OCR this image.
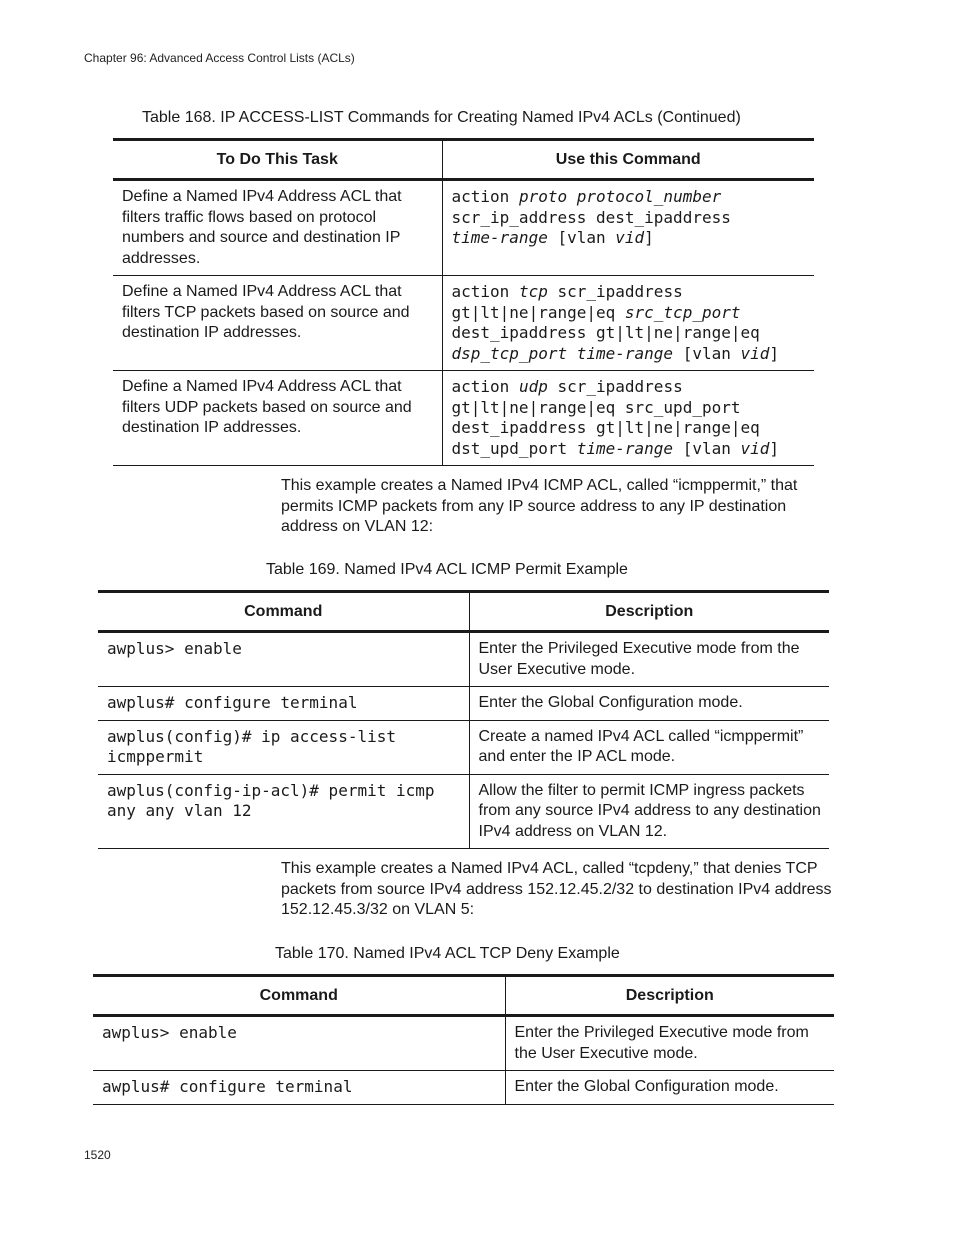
Chapter 96: Advanced Access Control Lists (ACLs)
Table 168. IP ACCESS-LIST Commands for Creating Named IPv4 ACLs (Continued)
To Do This Task	Use this Command
Define a Named IPv4 Address ACL that filters traffic flows based on protocol numbers and source and destination IP addresses.	action proto protocol_number
scr_ip_address dest_ipaddress
time-range [vlan vid]

Define a Named IPv4 Address ACL that filters TCP packets based on source and destination IP addresses.	action tcp scr_ipaddress
gt|lt|ne|range|eq src_tcp_port
dest_ipaddress gt|lt|ne|range|eq
dsp_tcp_port time-range [vlan vid]

Define a Named IPv4 Address ACL that filters UDP packets based on source and destination IP addresses.	action udp scr_ipaddress
gt|lt|ne|range|eq src_upd_port
dest_ipaddress gt|lt|ne|range|eq
dst_upd_port time-range [vlan vid]
This example creates a Named IPv4 ICMP ACL, called “icmppermit,” that permits ICMP packets from any IP source address to any IP destination address on VLAN 12:
Table 169. Named IPv4 ACL ICMP Permit Example
Command	Description
awplus> enable	Enter the Privileged Executive mode from the User Executive mode.
awplus# configure terminal	Enter the Global Configuration mode.
awplus(config)# ip access-list icmppermit	Create a named IPv4 ACL called “icmppermit” and enter the IP ACL mode.
awplus(config-ip-acl)# permit icmp any any vlan 12	Allow the filter to permit ICMP ingress packets from any source IPv4 address to any destination IPv4 address on VLAN 12.
This example creates a Named IPv4 ACL, called “tcpdeny,” that denies TCP packets from source IPv4 address 152.12.45.2/32 to destination IPv4 address 152.12.45.3/32 on VLAN 5:
Table 170. Named IPv4 ACL TCP Deny Example
Command	Description
awplus> enable	Enter the Privileged Executive mode from the User Executive mode.
awplus# configure terminal	Enter the Global Configuration mode.
1520
